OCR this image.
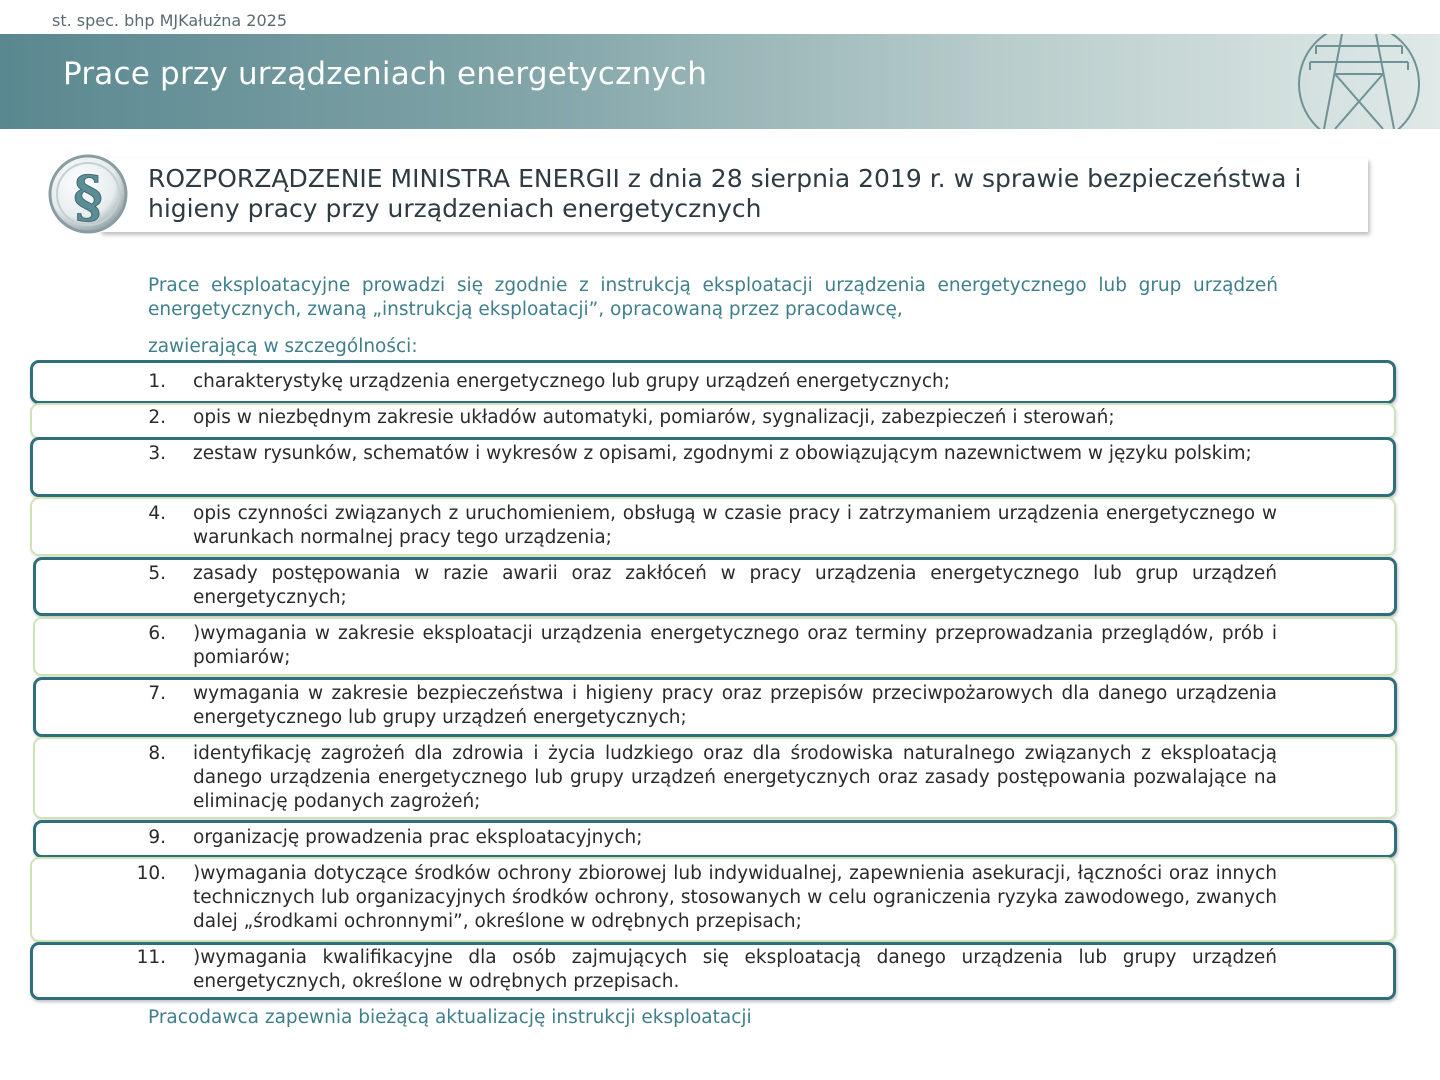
st. spec. bhp MJKałużna 2025
Prace przy urządzeniach energetycznych
ROZPORZĄDZENIE MINISTRA ENERGII z dnia 28 sierpnia 2019 r. w sprawie bezpieczeństwa i higieny pracy przy urządzeniach energetycznych
§
Prace eksploatacyjne prowadzi się zgodnie z instrukcją eksploatacji urządzenia energetycznego lub grup urządzeń energetycznych, zwaną „instrukcją eksploatacji”, opracowaną przez pracodawcę,
zawierającą w szczególności:
1. charakterystykę urządzenia energetycznego lub grupy urządzeń energetycznych;
2. opis w niezbędnym zakresie układów automatyki, pomiarów, sygnalizacji, zabezpieczeń i sterowań;
3. zestaw rysunków, schematów i wykresów z opisami, zgodnymi z obowiązującym nazewnictwem w języku polskim;
4. opis czynności związanych z uruchomieniem, obsługą w czasie pracy i zatrzymaniem urządzenia energetycznego w warunkach normalnej pracy tego urządzenia;
5. zasady postępowania w razie awarii oraz zakłóceń w pracy urządzenia energetycznego lub grup urządzeń energetycznych;
6. )wymagania w zakresie eksploatacji urządzenia energetycznego oraz terminy przeprowadzania przeglądów, prób i pomiarów;
7. wymagania w zakresie bezpieczeństwa i higieny pracy oraz przepisów przeciwpożarowych dla danego urządzenia energetycznego lub grupy urządzeń energetycznych;
8. identyfikację zagrożeń dla zdrowia i życia ludzkiego oraz dla środowiska naturalnego związanych z eksploatacją danego urządzenia energetycznego lub grupy urządzeń energetycznych oraz zasady postępowania pozwalające na eliminację podanych zagrożeń;
9. organizację prowadzenia prac eksploatacyjnych;
10. )wymagania dotyczące środków ochrony zbiorowej lub indywidualnej, zapewnienia asekuracji, łączności oraz innych technicznych lub organizacyjnych środków ochrony, stosowanych w celu ograniczenia ryzyka zawodowego, zwanych dalej „środkami ochronnymi”, określone w odrębnych przepisach;
11. )wymagania kwalifikacyjne dla osób zajmujących się eksploatacją danego urządzenia lub grupy urządzeń energetycznych, określone w odrębnych przepisach.
Pracodawca zapewnia bieżącą aktualizację instrukcji eksploatacji
